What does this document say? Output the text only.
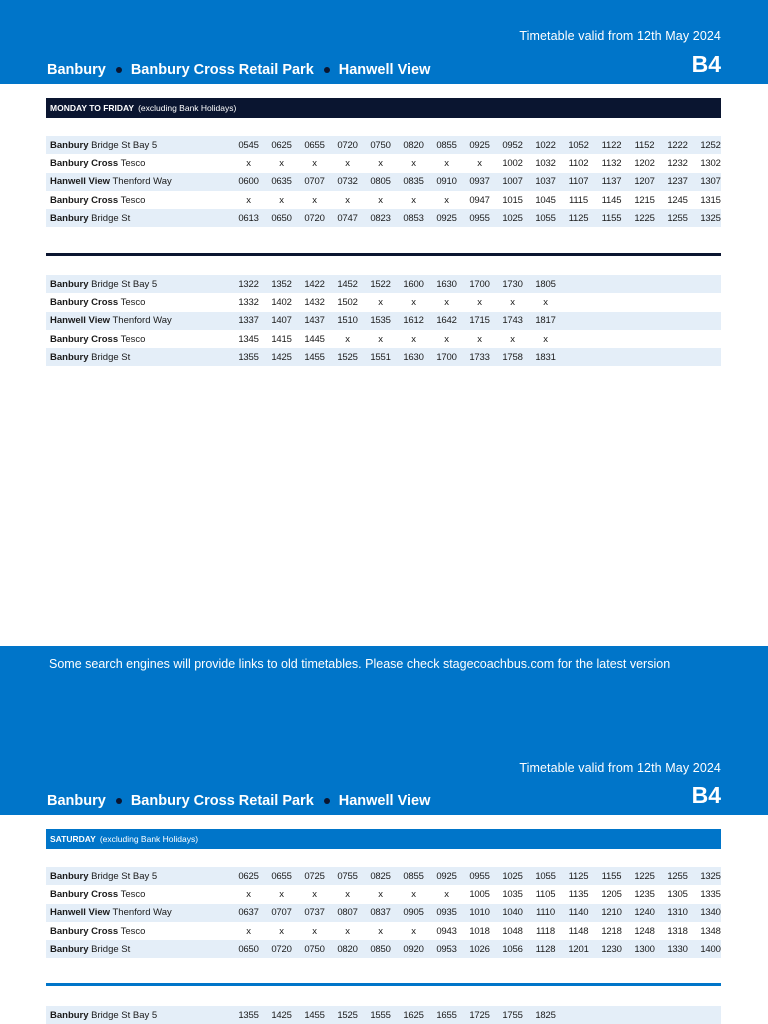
Timetable valid from 12th May 2024
Banbury Banbury Cross Retail Park Hanwell View	B4
MONDAY TO FRIDAY (excluding Bank Holidays)
Banbury Bridge St Bay 5	0545	0625	0655	0720	0750	0820	0855	0925	0952	1022	1052	1122	1152	1222	1252
Banbury Cross Tesco	x	x	x	x	x	x	x	x	1002	1032	1102	1132	1202	1232	1302
Hanwell View Thenford Way	0600	0635	0707	0732	0805	0835	0910	0937	1007	1037	1107	1137	1207	1237	1307
Banbury Cross Tesco	x	x	x	x	x	x	x	0947	1015	1045	1115	1145	1215	1245	1315
Banbury Bridge St	0613	0650	0720	0747	0823	0853	0925	0955	1025	1055	1125	1155	1225	1255	1325
Banbury Bridge St Bay 5	1322	1352	1422	1452	1522	1600	1630	1700	1730	1805
Banbury Cross Tesco	1332	1402	1432	1502	x	x	x	x	x	x
Hanwell View Thenford Way	1337	1407	1437	1510	1535	1612	1642	1715	1743	1817
Banbury Cross Tesco	1345	1415	1445	x	x	x	x	x	x	x
Banbury Bridge St	1355	1425	1455	1525	1551	1630	1700	1733	1758	1831
Some search engines will provide links to old timetables. Please check stagecoachbus.com for the latest version
Timetable valid from 12th May 2024
Banbury Banbury Cross Retail Park Hanwell View	B4
SATURDAY (excluding Bank Holidays)
Banbury Bridge St Bay 5	0625	0655	0725	0755	0825	0855	0925	0955	1025	1055	1125	1155	1225	1255	1325
Banbury Cross Tesco	x	x	x	x	x	x	x	1005	1035	1105	1135	1205	1235	1305	1335
Hanwell View Thenford Way	0637	0707	0737	0807	0837	0905	0935	1010	1040	1110	1140	1210	1240	1310	1340
Banbury Cross Tesco	x	x	x	x	x	x	0943	1018	1048	1118	1148	1218	1248	1318	1348
Banbury Bridge St	0650	0720	0750	0820	0850	0920	0953	1026	1056	1128	1201	1230	1300	1330	1400
Banbury Bridge St Bay 5	1355	1425	1455	1525	1555	1625	1655	1725	1755	1825
